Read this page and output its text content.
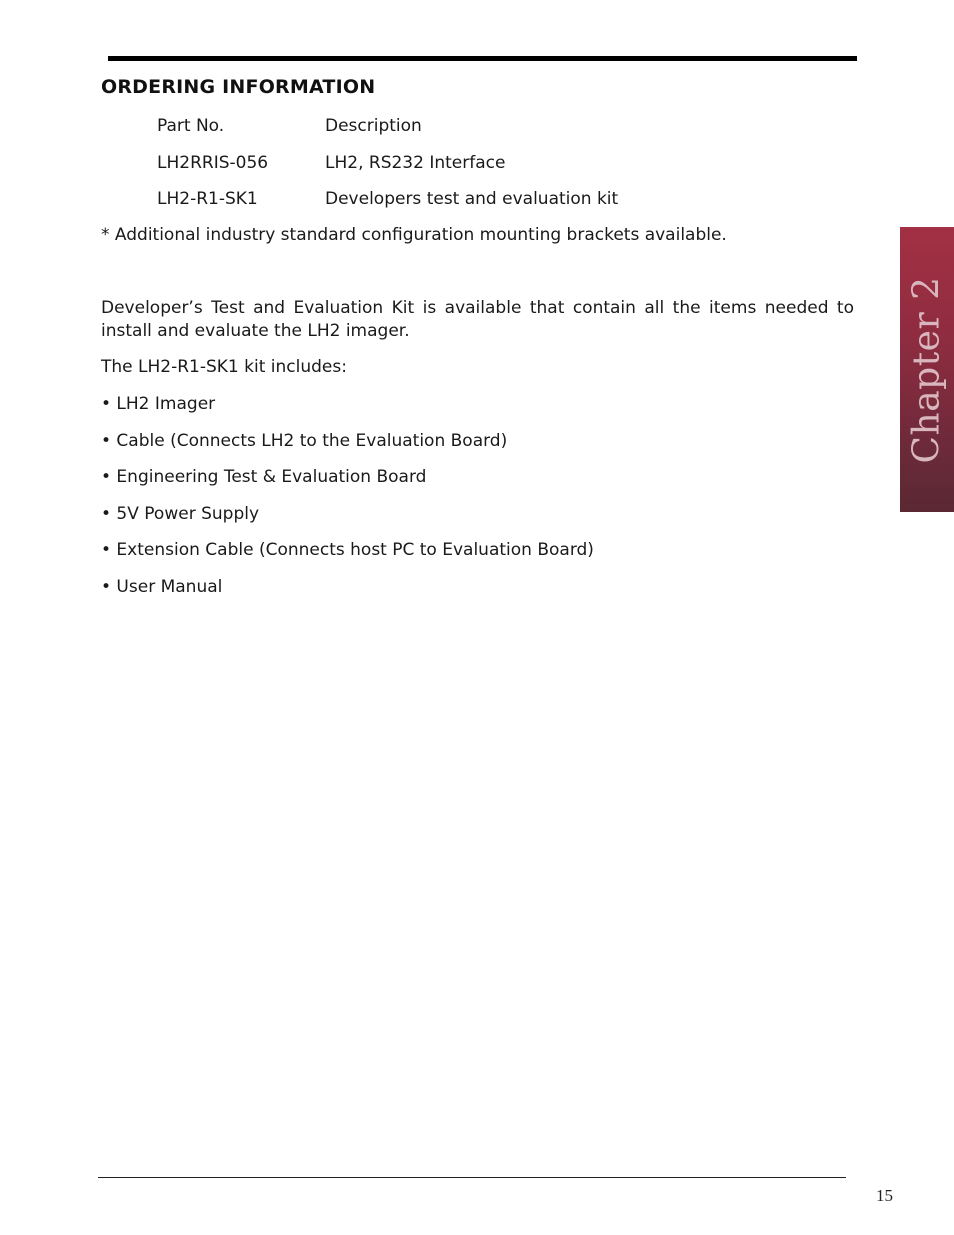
ORDERING INFORMATION
Part No.	Description
LH2RRIS-056	LH2, RS232 Interface
LH2-R1-SK1	Developers test and evaluation kit
* Additional industry standard configuration mounting brackets available.

Developer’s Test and Evaluation Kit is available that contain all the items needed to install and evaluate the LH2 imager.

The LH2-R1-SK1 kit includes:
• LH2 Imager
• Cable (Connects LH2 to the Evaluation Board)
• Engineering Test & Evaluation Board
• 5V Power Supply
• Extension Cable (Connects host PC to Evaluation Board)
• User Manual
Chapter 2
15
